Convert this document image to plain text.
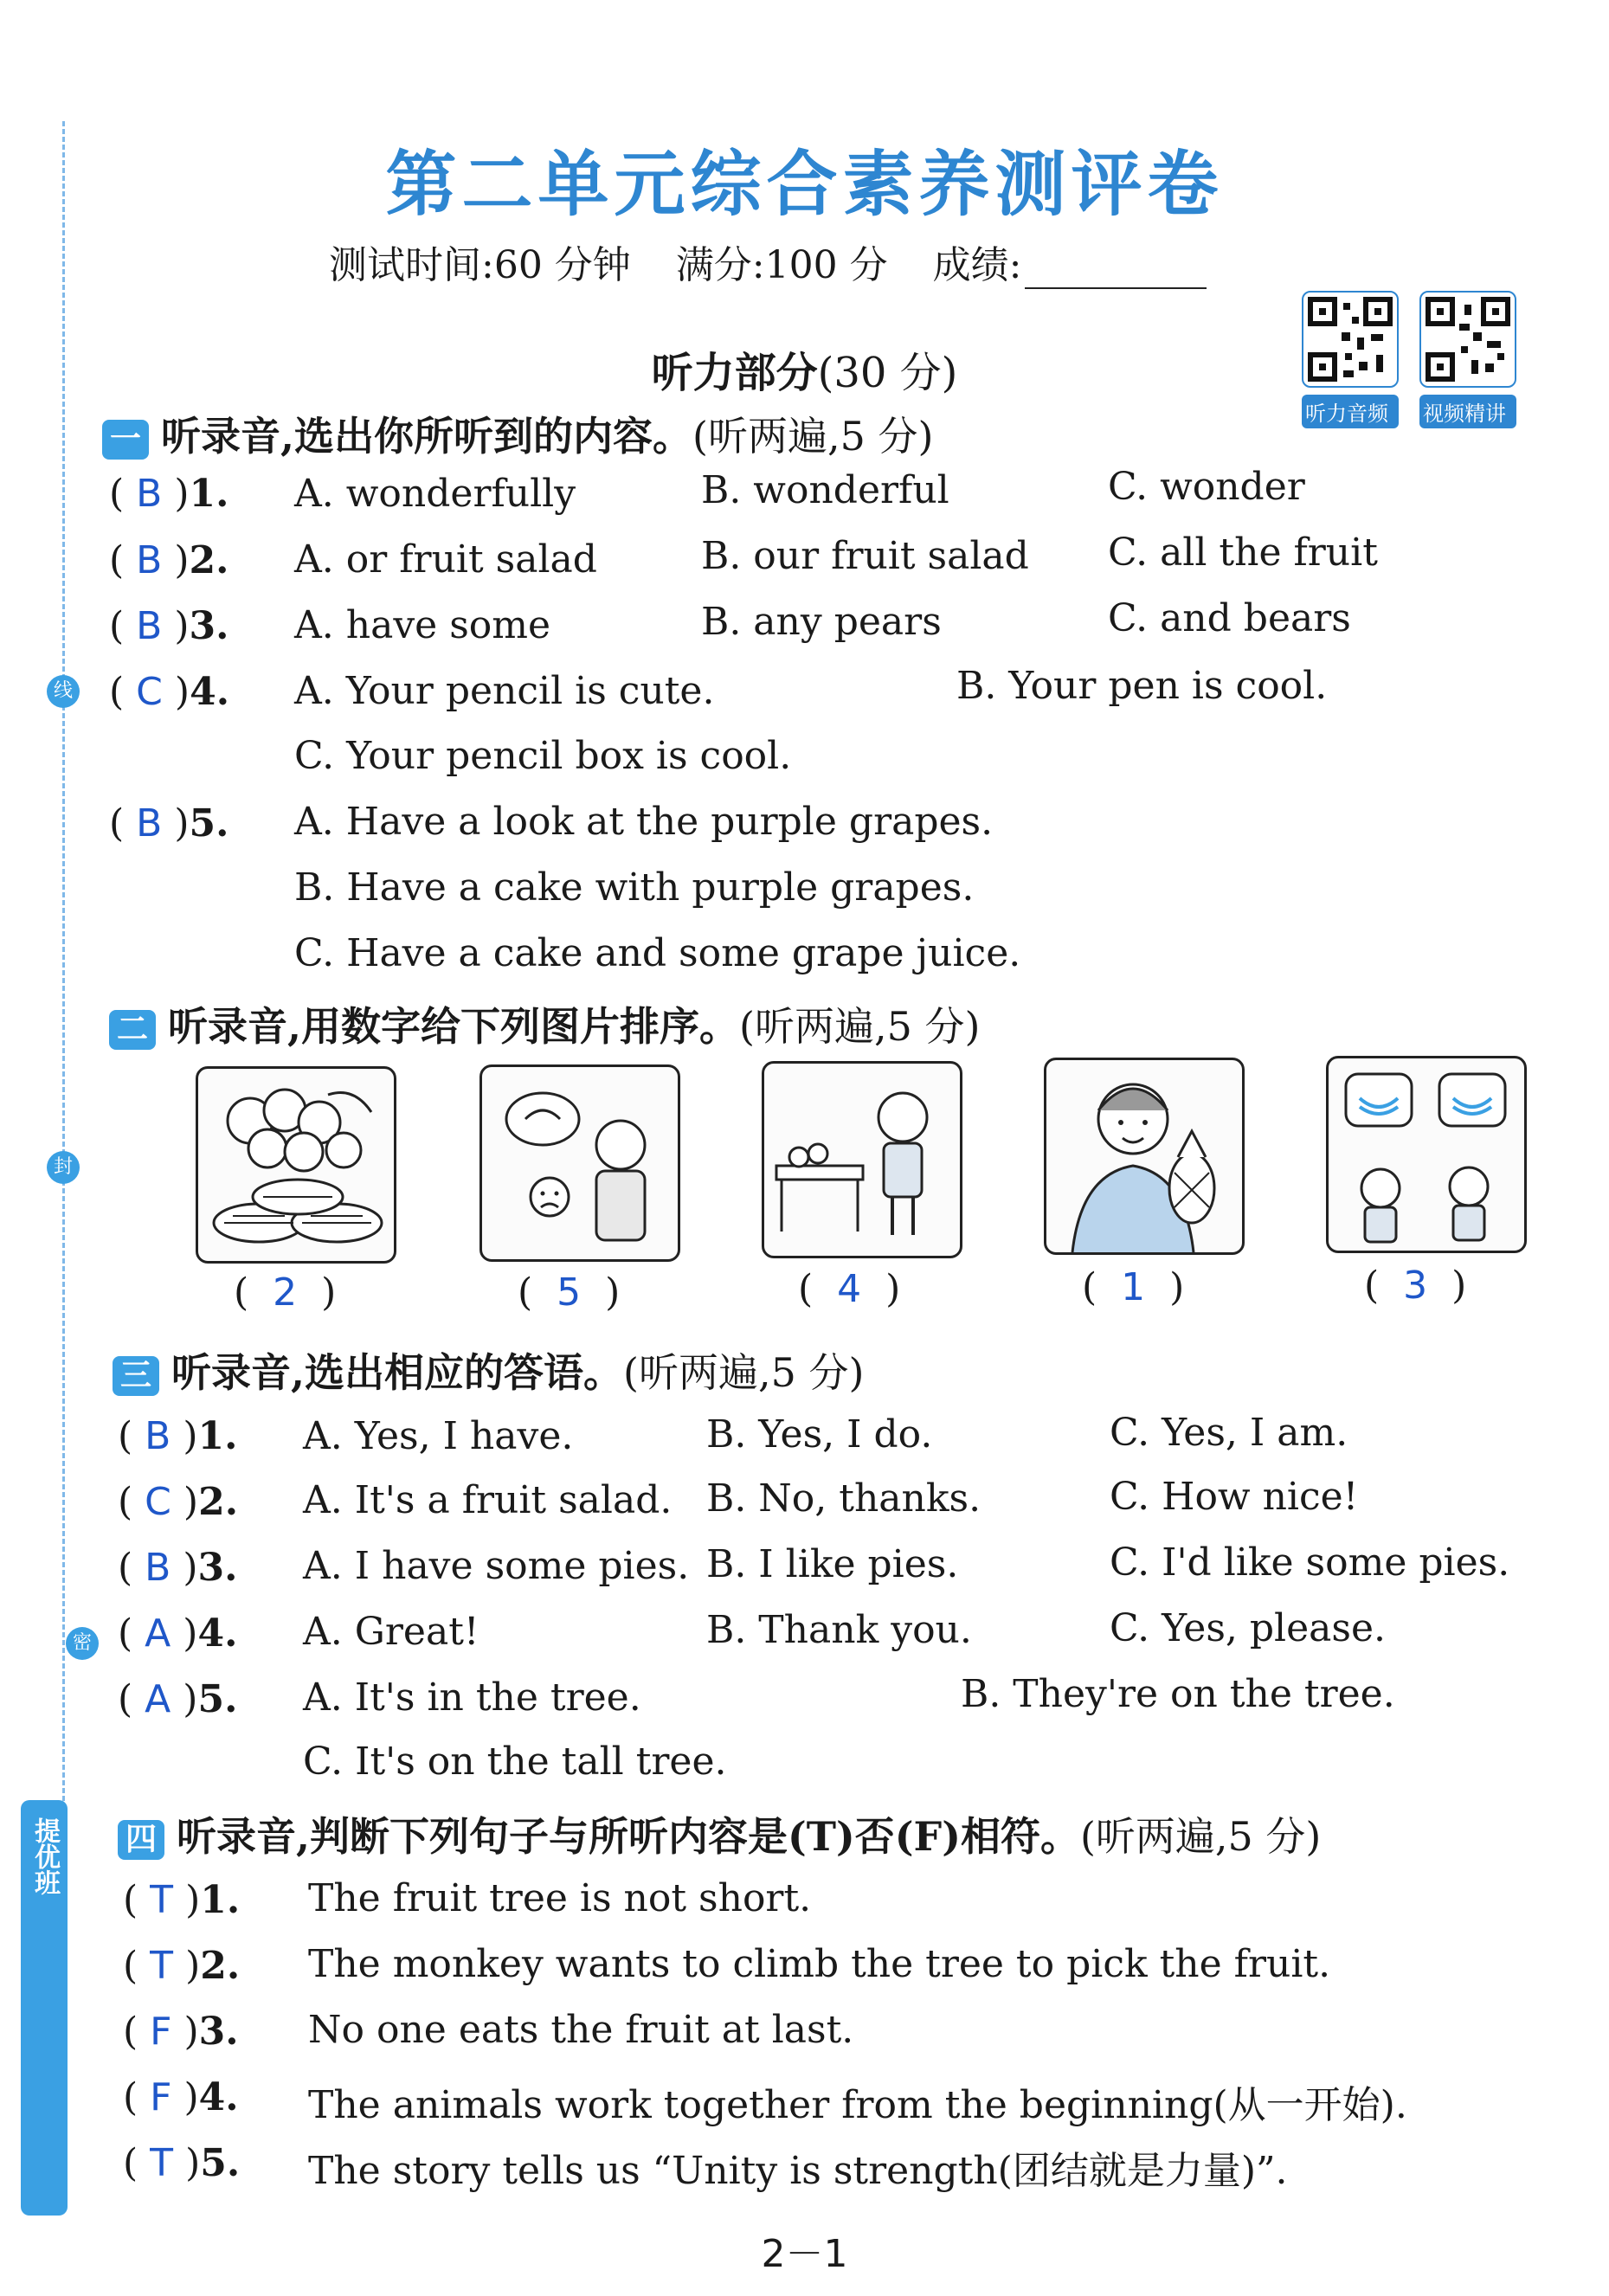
线
封
密
提优班
第二单元综合素养测评卷
测试时间:60 分钟 满分:100 分 成绩:
听力音频	视频精讲
听力部分(30 分)
一 听录音,选出你所听到的内容。(听两遍,5 分)
( B )1. A. wonderfully	B. wonderful	C. wonder
( B )2. A. or fruit salad	B. our fruit salad C. all the fruit
( B )3. A. have some	B. any pears	C. and bears
( C )4. A. Your pencil is cute.	B. Your pen is cool.
C. Your pencil box is cool.
( B )5. A. Have a look at the purple grapes.
B. Have a cake with purple grapes.
C. Have a cake and some grape juice.
二 听录音,用数字给下列图片排序。(听两遍,5 分)
(  2  )	(  5  )	(  4  )	(  1  )	(  3  )
三 听录音,选出相应的答语。(听两遍,5 分)
( B )1. A. Yes, I have.	B. Yes, I do.	C. Yes, I am.
( C )2. A. It's a fruit salad. B. No, thanks.	C. How nice!
( B )3. A. I have some pies. B. I like pies.	C. I'd like some pies.
( A )4. A. Great!	B. Thank you.	C. Yes, please.
( A )5. A. It's in the tree.	B. They're on the tree.
C. It's on the tall tree.
四 听录音,判断下列句子与所听内容是(T)否(F)相符。(听两遍,5 分)
( T )1. The fruit tree is not short.
( T )2. The monkey wants to climb the tree to pick the fruit.
( F )3. No one eats the fruit at last.
( F )4. The animals work together from the beginning(从一开始).
( T )5. The story tells us “Unity is strength(团结就是力量)”.
2－1
